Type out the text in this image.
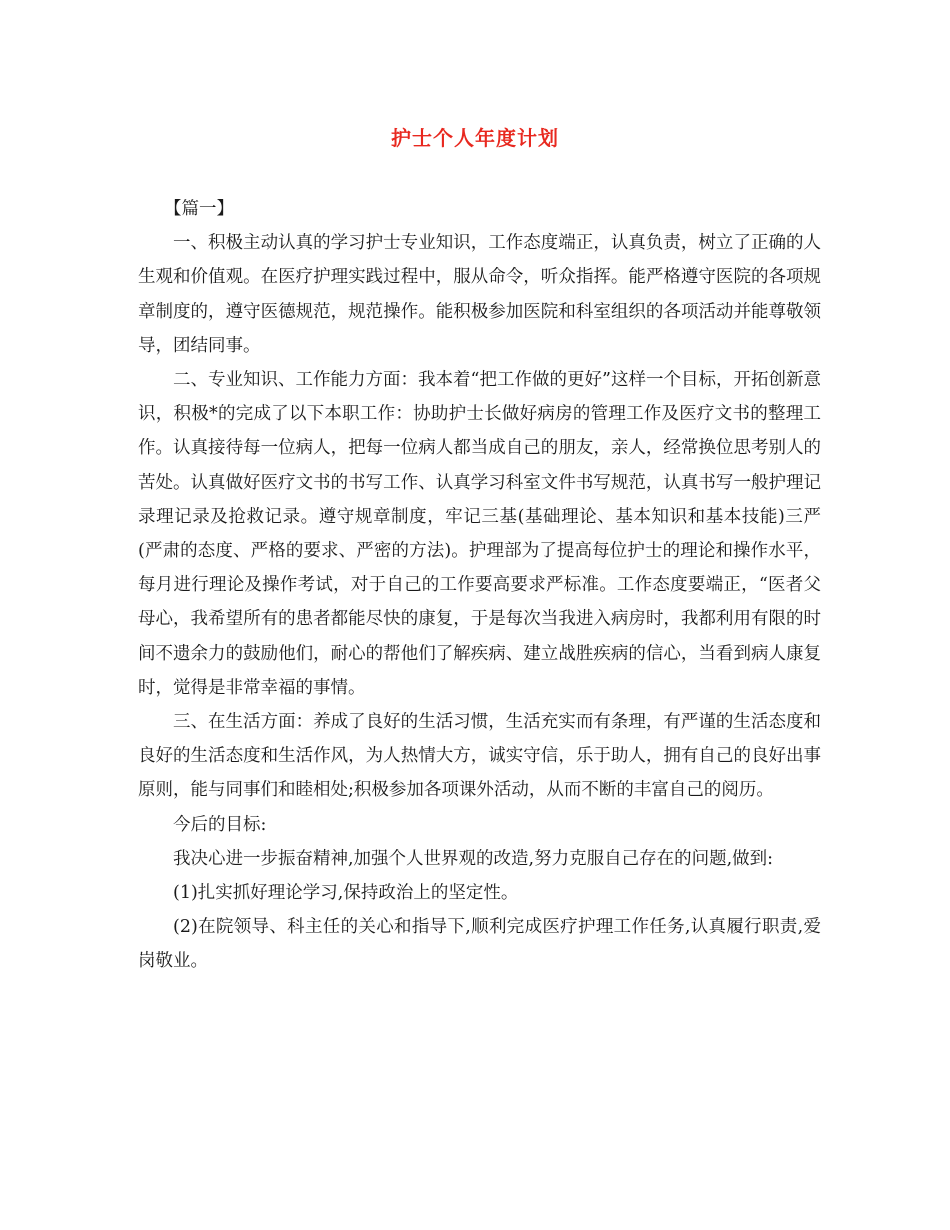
护士个人年度计划

【篇一】

一、积极主动认真的学习护士专业知识，工作态度端正，认真负责，树立了正确的人生观和价值观。在医疗护理实践过程中，服从命令，听众指挥。能严格遵守医院的各项规章制度的，遵守医德规范，规范操作。能积极参加医院和科室组织的各项活动并能尊敬领导，团结同事。

二、专业知识、工作能力方面：我本着“把工作做的更好”这样一个目标，开拓创新意识，积极*的完成了以下本职工作：协助护士长做好病房的管理工作及医疗文书的整理工作。认真接待每一位病人，把每一位病人都当成自己的朋友，亲人，经常换位思考别人的苦处。认真做好医疗文书的书写工作、认真学习科室文件书写规范，认真书写一般护理记录理记录及抢救记录。遵守规章制度，牢记三基(基础理论、基本知识和基本技能)三严(严肃的态度、严格的要求、严密的方法)。护理部为了提高每位护士的理论和操作水平，每月进行理论及操作考试，对于自己的工作要高要求严标准。工作态度要端正，“医者父母心，我希望所有的患者都能尽快的康复，于是每次当我进入病房时，我都利用有限的时间不遗余力的鼓励他们，耐心的帮他们了解疾病、建立战胜疾病的信心，当看到病人康复时，觉得是非常幸福的事情。

三、在生活方面：养成了良好的生活习惯，生活充实而有条理，有严谨的生活态度和良好的生活态度和生活作风，为人热情大方，诚实守信，乐于助人，拥有自己的良好出事原则，能与同事们和睦相处;积极参加各项课外活动，从而不断的丰富自己的阅历。

今后的目标:

我决心进一步振奋精神,加强个人世界观的改造,努力克服自己存在的问题,做到:

(1)扎实抓好理论学习,保持政治上的坚定性。

(2)在院领导、科主任的关心和指导下,顺利完成医疗护理工作任务,认真履行职责,爱岗敬业。
